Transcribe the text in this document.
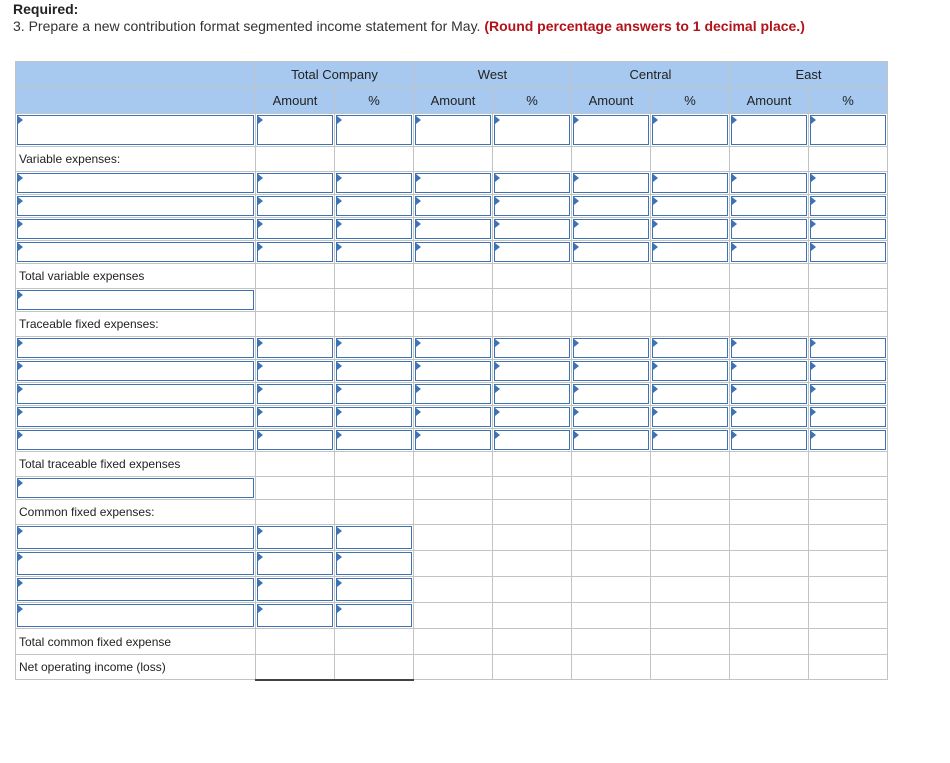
Required:
3. Prepare a new contribution format segmented income statement for May. (Round percentage answers to 1 decimal place.)
	Total Company		West		Central		East	
	Amount	%	Amount	%	Amount	%	Amount	%

Variable expenses:								

Total variable expenses								

Traceable fixed expenses:								

Total traceable fixed expenses								

Common fixed expenses:								

Total common fixed expense								
Net operating income (loss)								
